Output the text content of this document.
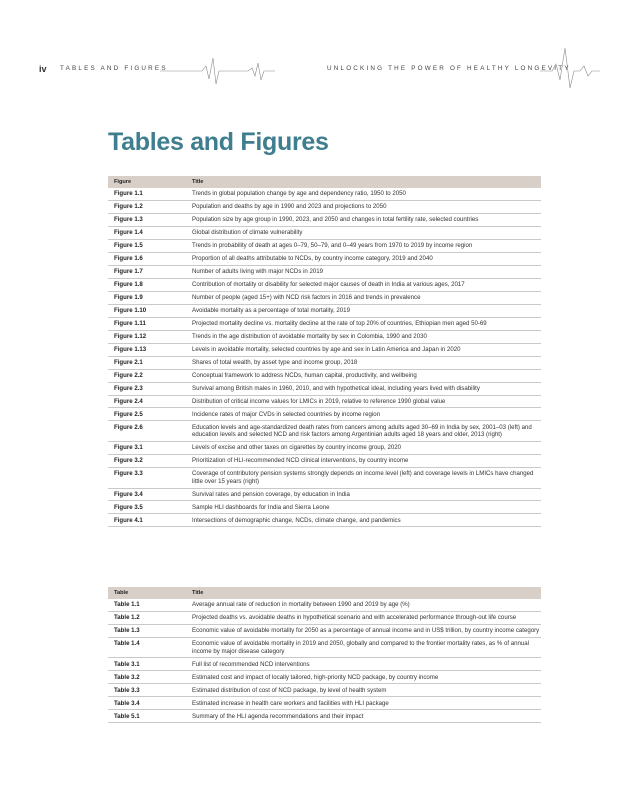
iv TABLES AND FIGURES	UNLOCKING THE POWER OF HEALTHY LONGEVITY
Tables and Figures
Figure	Title
Figure 1.1	Trends in global population change by age and dependency ratio, 1950 to 2050
Figure 1.2	Population and deaths by age in 1990 and 2023 and projections to 2050
Figure 1.3	Population size by age group in 1990, 2023, and 2050 and changes in total fertility rate, selected countries
Figure 1.4	Global distribution of climate vulnerability
Figure 1.5	Trends in probability of death at ages 0–79, 50–79, and 0–49 years from 1970 to 2019 by income region
Figure 1.6	Proportion of all deaths attributable to NCDs, by country income category, 2019 and 2040
Figure 1.7	Number of adults living with major NCDs in 2019
Figure 1.8	Contribution of mortality or disability for selected major causes of death in India at various ages, 2017
Figure 1.9	Number of people (aged 15+) with NCD risk factors in 2016 and trends in prevalence
Figure 1.10	Avoidable mortality as a percentage of total mortality, 2019
Figure 1.11	Projected mortality decline vs. mortality decline at the rate of top 20% of countries, Ethiopian men aged 50-69
Figure 1.12	Trends in the age distribution of avoidable mortality by sex in Colombia, 1990 and 2030
Figure 1.13	Levels in avoidable mortality, selected countries by age and sex in Latin America and Japan in 2020
Figure 2.1	Shares of total wealth, by asset type and income group, 2018
Figure 2.2	Conceptual framework to address NCDs, human capital, productivity, and wellbeing
Figure 2.3	Survival among British males in 1960, 2010, and with hypothetical ideal, including years lived with disability
Figure 2.4	Distribution of critical income values for LMICs in 2019, relative to reference 1990 global value
Figure 2.5	Incidence rates of major CVDs in selected countries by income region
Figure 2.6	Education levels and age-standardized death rates from cancers among adults aged 30–69 in India by sex, 2001–03 (left) and education levels and selected NCD and risk factors among Argentinian adults aged 18 years and older, 2013 (right)
Figure 3.1	Levels of excise and other taxes on cigarettes by country income group, 2020
Figure 3.2	Prioritization of HLI-recommended NCD clinical interventions, by country income
Figure 3.3	Coverage of contributory pension systems strongly depends on income level (left) and coverage levels in LMICs have changed little over 15 years (right)
Figure 3.4	Survival rates and pension coverage, by education in India
Figure 3.5	Sample HLI dashboards for India and Sierra Leone
Figure 4.1	Intersections of demographic change, NCDs, climate change, and pandemics
Table	Title
Table 1.1	Average annual rate of reduction in mortality between 1990 and 2019 by age (%)
Table 1.2	Projected deaths vs. avoidable deaths in hypothetical scenario and with accelerated performance through-out life course
Table 1.3	Economic value of avoidable mortality for 2050 as a percentage of annual income and in US$ trillion, by country income category
Table 1.4	Economic value of avoidable mortality in 2019 and 2050, globally and compared to the frontier mortality rates, as % of annual income by major disease category
Table 3.1	Full list of recommended NCD interventions
Table 3.2	Estimated cost and impact of locally tailored, high-priority NCD package, by country income
Table 3.3	Estimated distribution of cost of NCD package, by level of health system
Table 3.4	Estimated increase in health care workers and facilities with HLI package
Table 5.1	Summary of the HLI agenda recommendations and their impact
